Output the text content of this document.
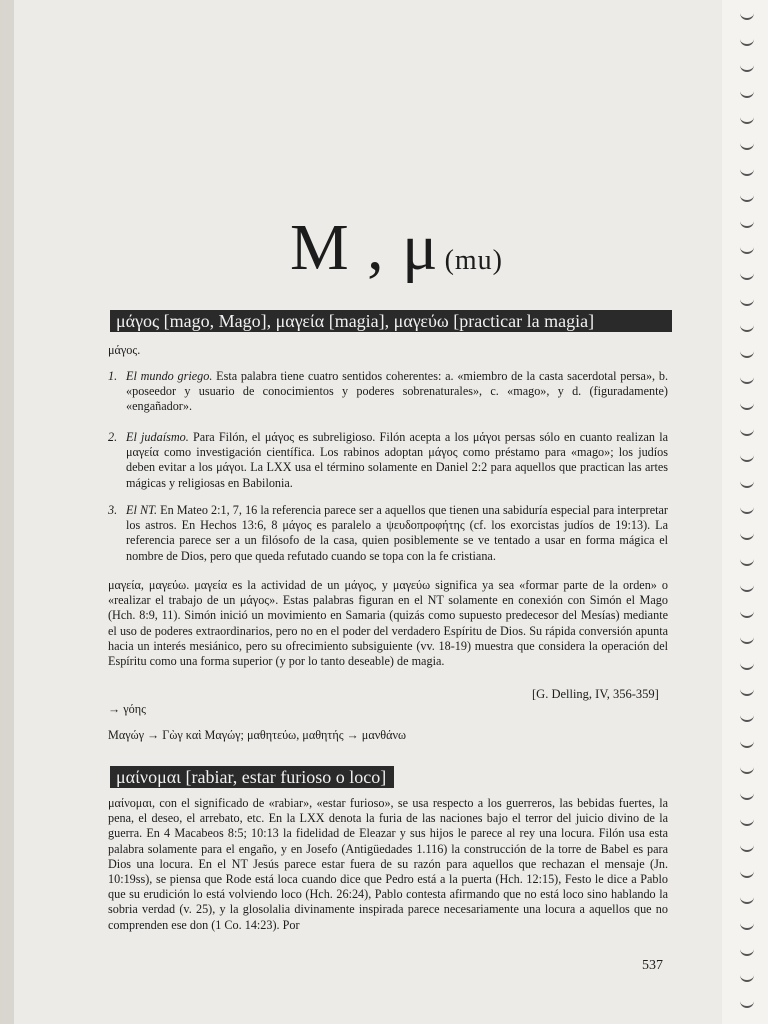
M , μ (mu)
μάγος [mago, Mago], μαγεία [magia], μαγεύω [practicar la magia]
μάγος.
1. El mundo griego. Esta palabra tiene cuatro sentidos coherentes: a. «miembro de la casta sacerdotal persa», b. «poseedor y usuario de conocimientos y poderes sobrenaturales», c. «mago», y d. (figuradamente) «engañador».
2. El judaísmo. Para Filón, el μάγος es subreligioso. Filón acepta a los μάγοι persas sólo en cuanto realizan la μαγεία como investigación científica. Los rabinos adoptan μάγος como préstamo para «mago»; los judíos deben evitar a los μάγοι. La LXX usa el término solamente en Daniel 2:2 para aquellos que practican las artes mágicas y religiosas en Babilonia.
3. El NT. En Mateo 2:1, 7, 16 la referencia parece ser a aquellos que tienen una sabiduría especial para interpretar los astros. En Hechos 13:6, 8 μάγος es paralelo a ψευδοπροφήτης (cf. los exorcistas judíos de 19:13). La referencia parece ser a un filósofo de la casa, quien posiblemente se ve tentado a usar en forma mágica el nombre de Dios, pero que queda refutado cuando se topa con la fe cristiana.
μαγεία, μαγεύω. μαγεία es la actividad de un μάγος, y μαγεύω significa ya sea «formar parte de la orden» o «realizar el trabajo de un μάγος». Estas palabras figuran en el NT solamente en conexión con Simón el Mago (Hch. 8:9, 11). Simón inició un movimiento en Samaria (quizás como supuesto predecesor del Mesías) mediante el uso de poderes extraordinarios, pero no en el poder del verdadero Espíritu de Dios. Su rápida conversión apunta hacia un interés mesiánico, pero su ofrecimiento subsiguiente (vv. 18-19) muestra que considera la operación del Espíritu como una forma superior (y por lo tanto deseable) de magia.
[G. Delling, IV, 356-359]
→ γόης
Μαγώγ → Γὼγ καὶ Μαγώγ; μαθητεύω, μαθητής → μανθάνω
μαίνομαι [rabiar, estar furioso o loco]
μαίνομαι, con el significado de «rabiar», «estar furioso», se usa respecto a los guerreros, las bebidas fuertes, la pena, el deseo, el arrebato, etc. En la LXX denota la furia de las naciones bajo el terror del juicio divino de la guerra. En 4 Macabeos 8:5; 10:13 la fidelidad de Eleazar y sus hijos le parece al rey una locura. Filón usa esta palabra solamente para el engaño, y en Josefo (Antigüedades 1.116) la construcción de la torre de Babel es para Dios una locura. En el NT Jesús parece estar fuera de su razón para aquellos que rechazan el mensaje (Jn. 10:19ss), se piensa que Rode está loca cuando dice que Pedro está a la puerta (Hch. 12:15), Festo le dice a Pablo que su erudición lo está volviendo loco (Hch. 26:24), Pablo contesta afirmando que no está loco sino hablando la sobria verdad (v. 25), y la glosolalia divinamente inspirada parece necesariamente una locura a aquellos que no comprenden ese don (1 Co. 14:23). Por
537
